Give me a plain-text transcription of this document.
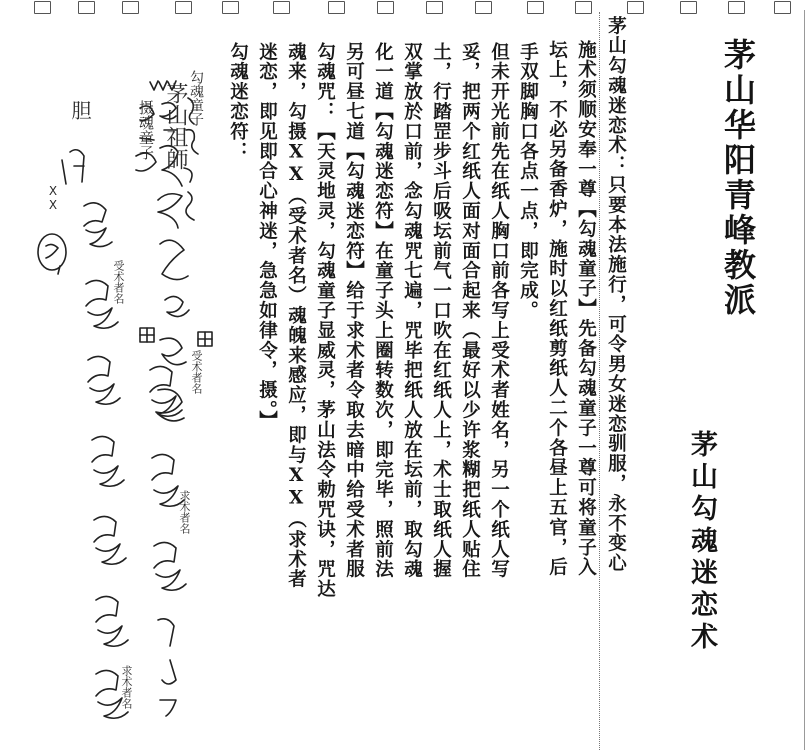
茅山华阳青峰教派
茅山勾魂迷恋术
茅山勾魂迷恋术：只要本法施行，可令男女迷恋驯服，永不变心
施术须顺安奉一尊【勾魂童子】先备勾魂童子一尊可将童子入
坛上，不必另备香炉，施时以红纸剪纸人二个各昼上五官，后
手双脚胸口各点一点，即完成。
但未开光前先在纸人胸口前各写上受术者姓名，另一个纸人写
妥，把两个红纸人面对面合起来（最好以少许浆糊把纸人贴住
土，行踏罡步斗后吸坛前气一口吹在红纸人上，术士取纸人握
双掌放於口前，念勾魂咒七遍，咒毕把纸人放在坛前，取勾魂
化一道【勾魂迷恋符】在童子头上圈转数次，即完毕，照前法
另可昼七道【勾魂迷恋符】给于求术者令取去暗中给受术者服
勾魂咒：【天灵地灵，勾魂童子显威灵，茅山法令勅咒诀，咒达
魂来，勾摄ⅩⅩ（受术者名）魂魄来感应，即与ⅩⅩ（求术者
迷恋，即见即合心神迷，急急如律令，摄。】
勾魂迷恋符：
勾魂童子
茅山祖師
摄魂童子
胆
受术者名
求术者名
受术者名
求术者名
ⅩⅩ
